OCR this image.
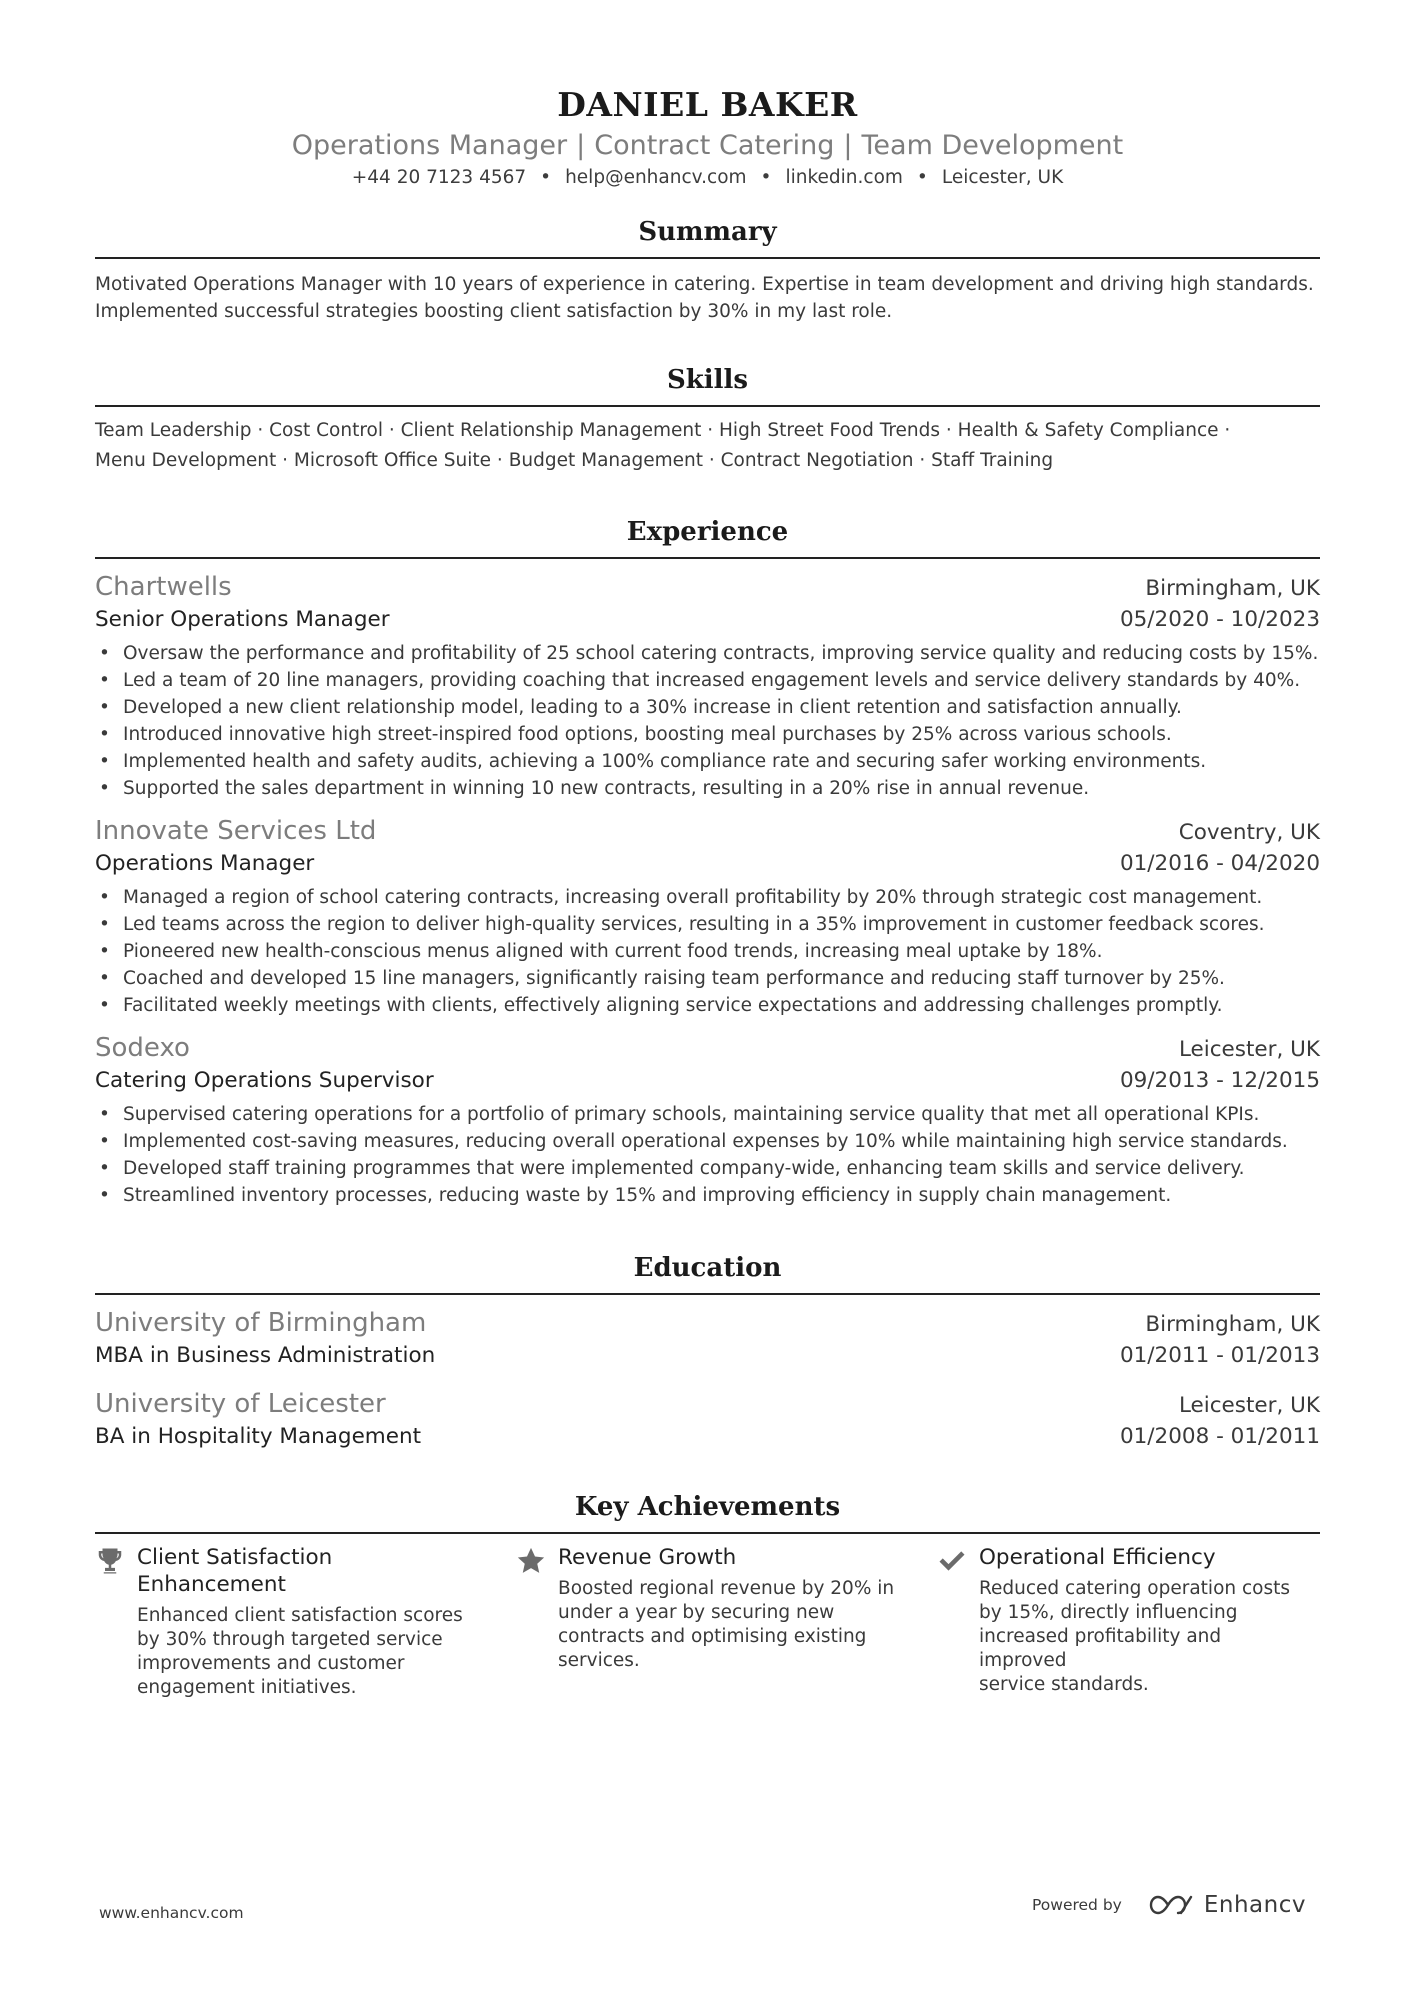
DANIEL BAKER
Operations Manager | Contract Catering | Team Development
+44 20 7123 4567 • help@enhancv.com • linkedin.com • Leicester, UK
Summary
Motivated Operations Manager with 10 years of experience in catering. Expertise in team development and driving high standards.
Implemented successful strategies boosting client satisfaction by 30% in my last role.
Skills
Team Leadership · Cost Control · Client Relationship Management · High Street Food Trends · Health & Safety Compliance ·
Menu Development · Microsoft Office Suite · Budget Management · Contract Negotiation · Staff Training
Experience
Chartwells	Birmingham, UK
Senior Operations Manager	05/2020 - 10/2023
• Oversaw the performance and profitability of 25 school catering contracts, improving service quality and reducing costs by 15%.
• Led a team of 20 line managers, providing coaching that increased engagement levels and service delivery standards by 40%.
• Developed a new client relationship model, leading to a 30% increase in client retention and satisfaction annually.
• Introduced innovative high street-inspired food options, boosting meal purchases by 25% across various schools.
• Implemented health and safety audits, achieving a 100% compliance rate and securing safer working environments.
• Supported the sales department in winning 10 new contracts, resulting in a 20% rise in annual revenue.
Innovate Services Ltd	Coventry, UK
Operations Manager	01/2016 - 04/2020
• Managed a region of school catering contracts, increasing overall profitability by 20% through strategic cost management.
• Led teams across the region to deliver high-quality services, resulting in a 35% improvement in customer feedback scores.
• Pioneered new health-conscious menus aligned with current food trends, increasing meal uptake by 18%.
• Coached and developed 15 line managers, significantly raising team performance and reducing staff turnover by 25%.
• Facilitated weekly meetings with clients, effectively aligning service expectations and addressing challenges promptly.
Sodexo	Leicester, UK
Catering Operations Supervisor	09/2013 - 12/2015
• Supervised catering operations for a portfolio of primary schools, maintaining service quality that met all operational KPIs.
• Implemented cost-saving measures, reducing overall operational expenses by 10% while maintaining high service standards.
• Developed staff training programmes that were implemented company-wide, enhancing team skills and service delivery.
• Streamlined inventory processes, reducing waste by 15% and improving efficiency in supply chain management.
Education
University of Birmingham	Birmingham, UK
MBA in Business Administration	01/2011 - 01/2013
University of Leicester	Leicester, UK
BA in Hospitality Management	01/2008 - 01/2011
Key Achievements
Client Satisfaction
Enhancement
Enhanced client satisfaction scores
by 30% through targeted service
improvements and customer
engagement initiatives.
Revenue Growth
Boosted regional revenue by 20% in
under a year by securing new
contracts and optimising existing
services.
Operational Efficiency
Reduced catering operation costs
by 15%, directly influencing
increased profitability and improved
service standards.
www.enhancv.com	Powered by	Enhancv
